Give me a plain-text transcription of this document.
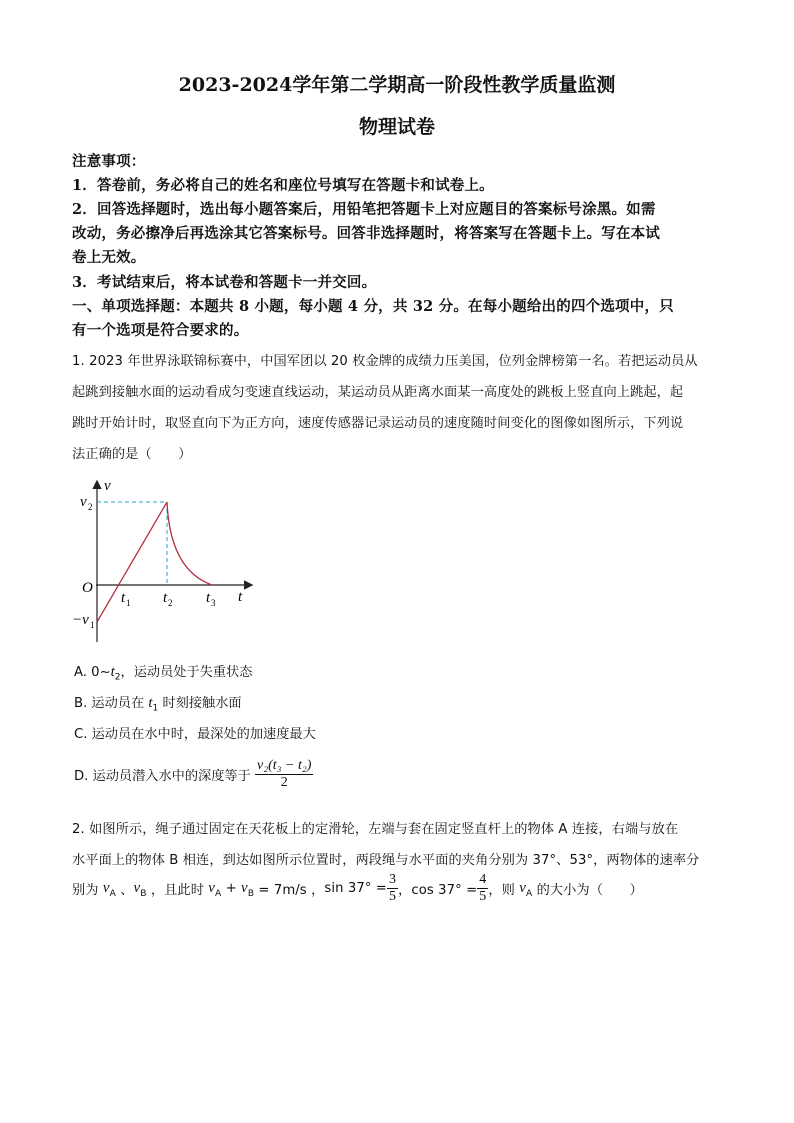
2023-2024学年第二学期高一阶段性教学质量监测
物理试卷
注意事项：
1．答卷前，务必将自己的姓名和座位号填写在答题卡和试卷上。
2．回答选择题时，选出每小题答案后，用铅笔把答题卡上对应题目的答案标号涂黑。如需
改动，务必擦净后再选涂其它答案标号。回答非选择题时，将答案写在答题卡上。写在本试
卷上无效。
3．考试结束后，将本试卷和答题卡一并交回。
一、单项选择题：本题共 8 小题，每小题 4 分，共 32 分。在每小题给出的四个选项中，只
有一个选项是符合要求的。
1. 2023 年世界泳联锦标赛中，中国军团以 20 枚金牌的成绩力压美国，位列金牌榜第一名。若把运动员从
起跳到接触水面的运动看成匀变速直线运动，某运动员从距离水面某一高度处的跳板上竖直向上跳起，起
跳时开始计时，取竖直向下为正方向，速度传感器记录运动员的速度随时间变化的图像如图所示，下列说
法正确的是（　　）
v
t
O
v 2
−v 1
t 1 t 2 t 3
A. $0\sim t_2$，运动员处于失重状态
B. 运动员在 $t_1$ 时刻接触水面
C. 运动员在水中时，最深处的加速度最大
D. 运动员潜入水中的深度等于 $\frac{\text{v₂(t₃ − t₂)}}{2}$
2. 如图所示，绳子通过固定在天花板上的定滑轮，左端与套在固定竖直杆上的物体 A 连接，右端与放在
水平面上的物体 B 相连，到达如图所示位置时，两段绳与水平面的夹角分别为 37°、53°，两物体的速率分
别为 $v_A$ 、$v_B$ ，且此时 $v_A + v_B = 7m/s$ ，$\sin 37^\circ = \frac{3}{5}$ ，$\cos 37^\circ = \frac{4}{5}$ ，则 $v_A$ 的大小为（　　）
